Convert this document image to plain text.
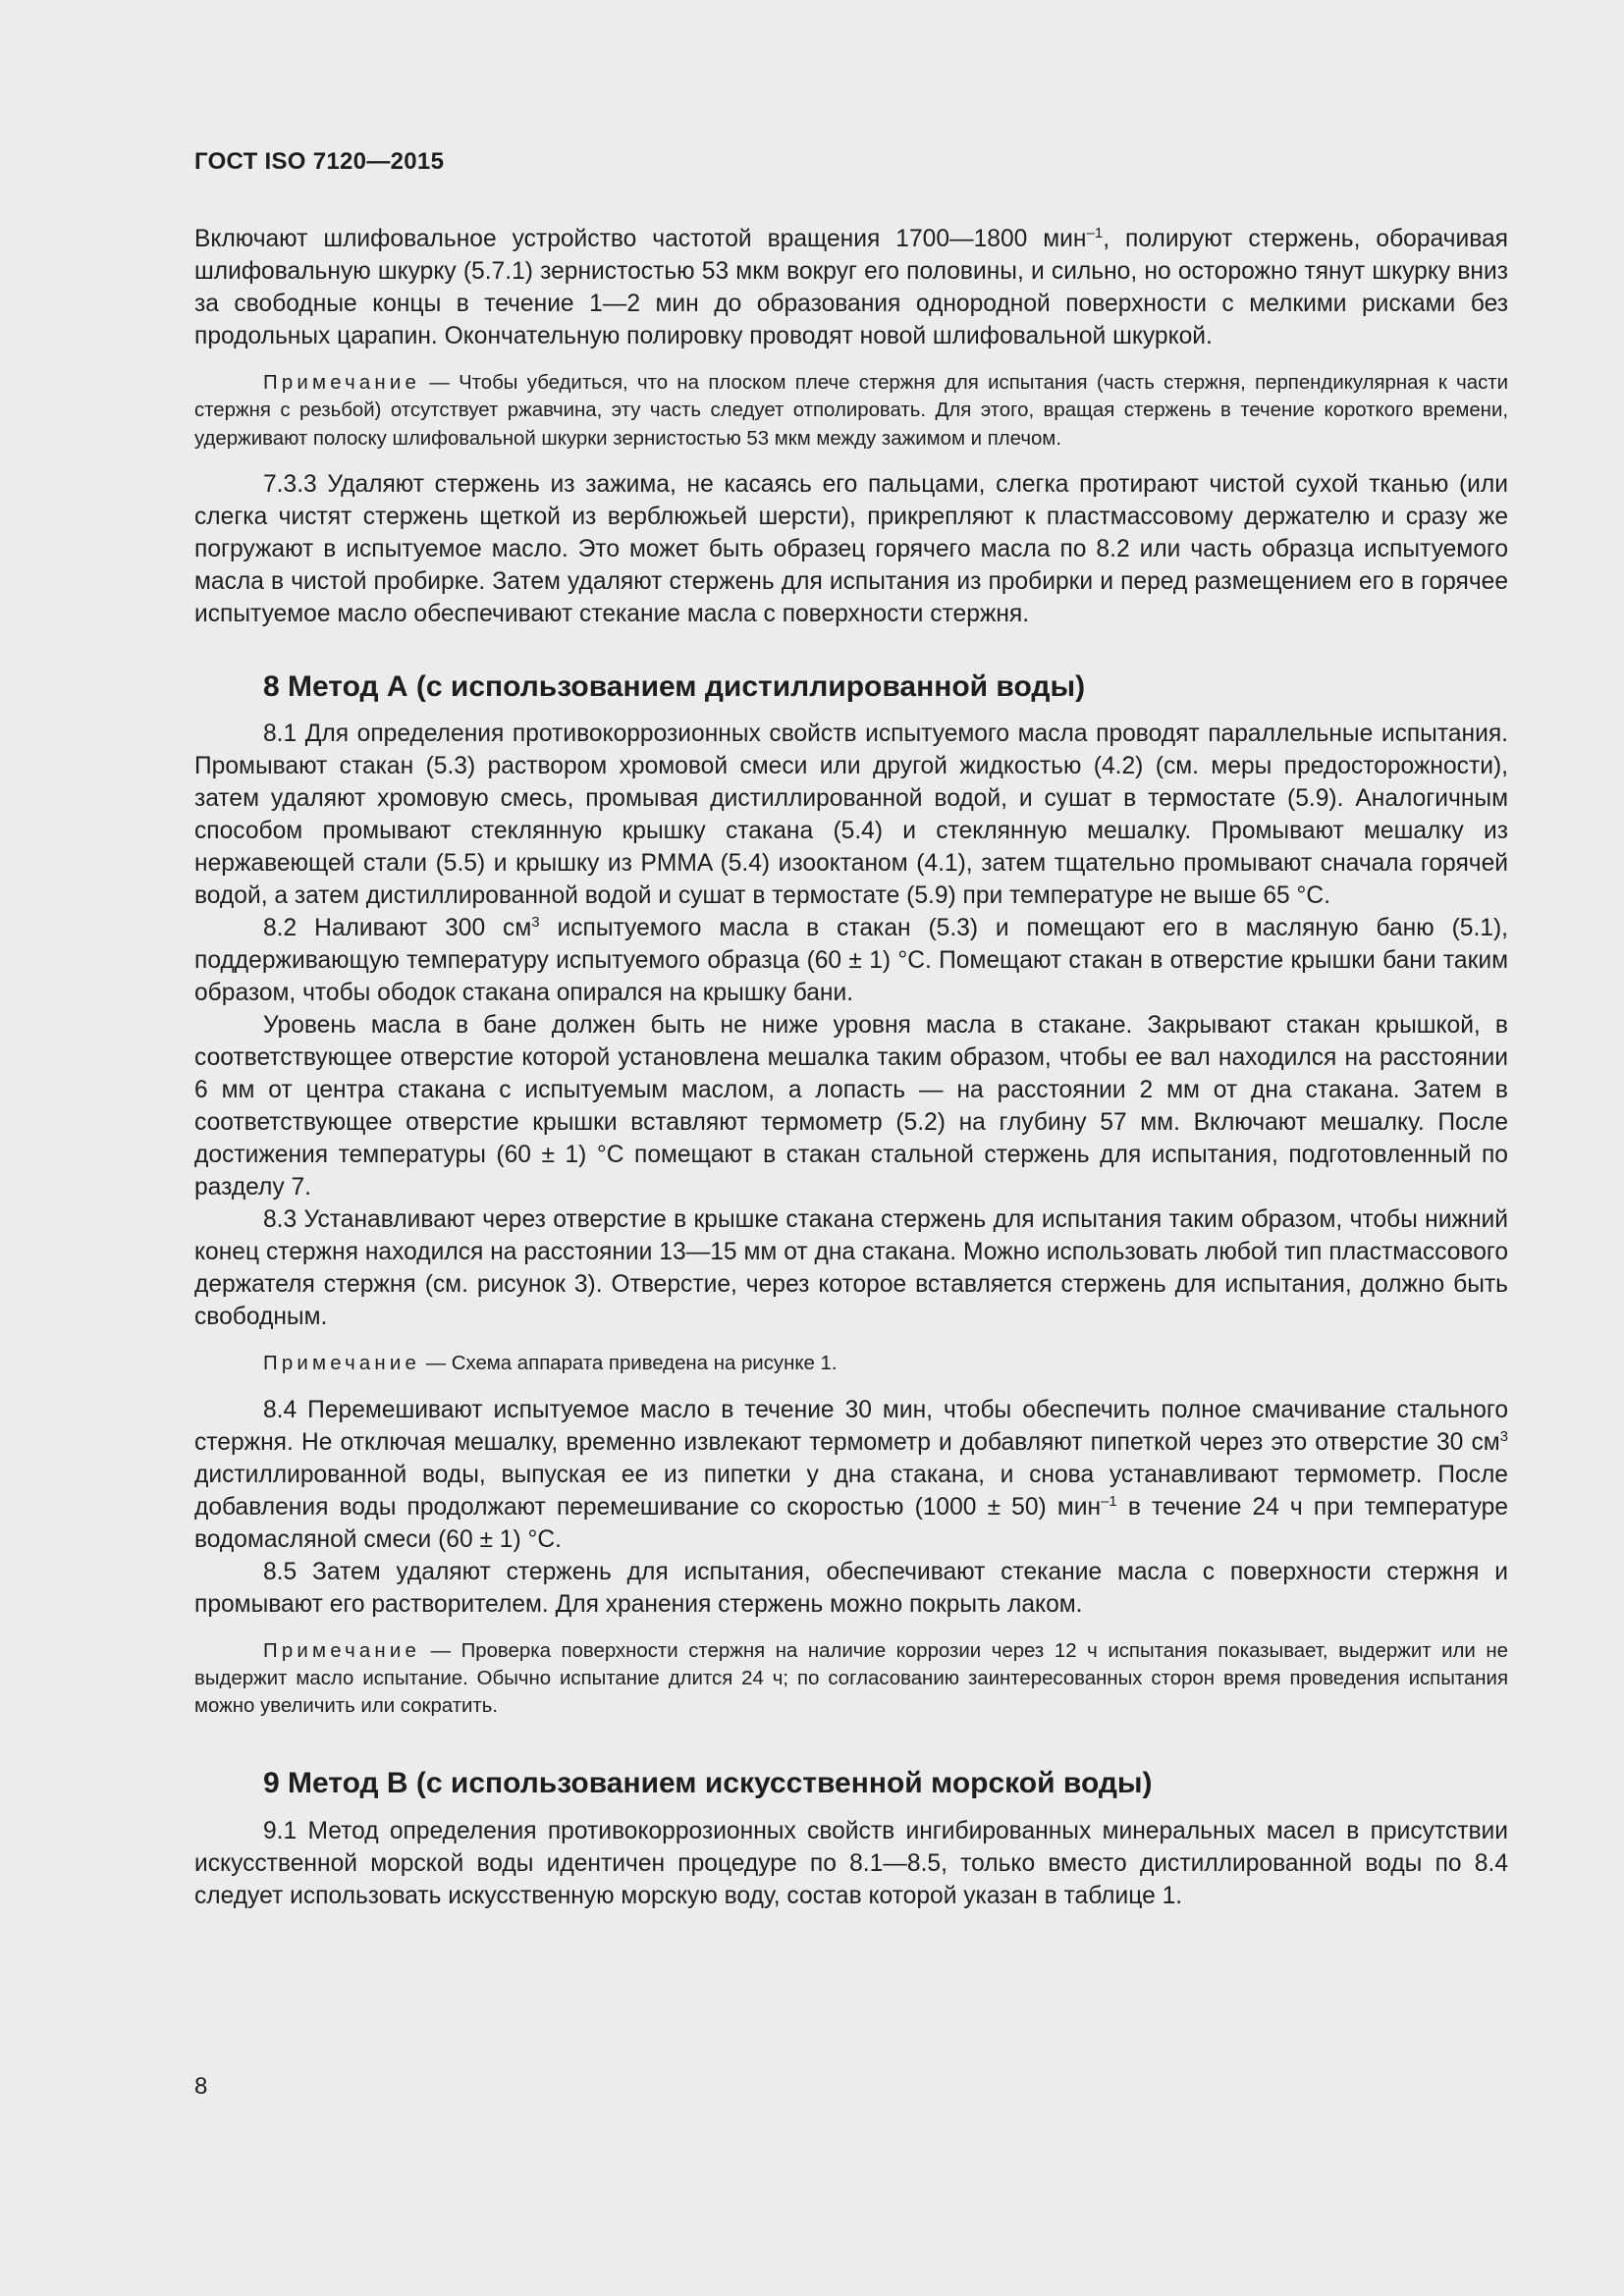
ГОСТ ISO 7120—2015

Включают шлифовальное устройство частотой вращения 1700—1800 мин$^{-1}$, полируют стержень, оборачивая шлифовальную шкурку (5.7.1) зернистостью 53 мкм вокруг его половины, и сильно, но осторожно тянут шкурку вниз за свободные концы в течение 1—2 мин до образования однородной поверхности с мелкими рисками без продольных царапин. Окончательную полировку проводят новой шлифовальной шкуркой.

Примечание — Чтобы убедиться, что на плоском плече стержня для испытания (часть стержня, перпендикулярная к части стержня с резьбой) отсутствует ржавчина, эту часть следует отполировать. Для этого, вращая стержень в течение короткого времени, удерживают полоску шлифовальной шкурки зернистостью 53 мкм между зажимом и плечом.

7.3.3 Удаляют стержень из зажима, не касаясь его пальцами, слегка протирают чистой сухой тканью (или слегка чистят стержень щеткой из верблюжьей шерсти), прикрепляют к пластмассовому держателю и сразу же погружают в испытуемое масло. Это может быть образец горячего масла по 8.2 или часть образца испытуемого масла в чистой пробирке. Затем удаляют стержень для испытания из пробирки и перед размещением его в горячее испытуемое масло обеспечивают стекание масла с поверхности стержня.

8 Метод А (с использованием дистиллированной воды)

8.1 Для определения противокоррозионных свойств испытуемого масла проводят параллельные испытания. Промывают стакан (5.3) раствором хромовой смеси или другой жидкостью (4.2) (см. меры предосторожности), затем удаляют хромовую смесь, промывая дистиллированной водой, и сушат в термостате (5.9). Аналогичным способом промывают стеклянную крышку стакана (5.4) и стеклянную мешалку. Промывают мешалку из нержавеющей стали (5.5) и крышку из PMMA (5.4) изооктаном (4.1), затем тщательно промывают сначала горячей водой, а затем дистиллированной водой и сушат в термостате (5.9) при температуре не выше 65 °С.

8.2 Наливают 300 $см^3$ испытуемого масла в стакан (5.3) и помещают его в масляную баню (5.1), поддерживающую температуру испытуемого образца (60 ± 1) °С. Помещают стакан в отверстие крышки бани таким образом, чтобы ободок стакана опирался на крышку бани.

Уровень масла в бане должен быть не ниже уровня масла в стакане. Закрывают стакан крышкой, в соответствующее отверстие которой установлена мешалка таким образом, чтобы ее вал находился на расстоянии 6 мм от центра стакана с испытуемым маслом, а лопасть — на расстоянии 2 мм от дна стакана. Затем в соответствующее отверстие крышки вставляют термометр (5.2) на глубину 57 мм. Включают мешалку. После достижения температуры (60 ± 1) °С помещают в стакан стальной стержень для испытания, подготовленный по разделу 7.

8.3 Устанавливают через отверстие в крышке стакана стержень для испытания таким образом, чтобы нижний конец стержня находился на расстоянии 13—15 мм от дна стакана. Можно использовать любой тип пластмассового держателя стержня (см. рисунок 3). Отверстие, через которое вставляется стержень для испытания, должно быть свободным.

Примечание — Схема аппарата приведена на рисунке 1.

8.4 Перемешивают испытуемое масло в течение 30 мин, чтобы обеспечить полное смачивание стального стержня. Не отключая мешалку, временно извлекают термометр и добавляют пипеткой через это отверстие 30 $см^3$ дистиллированной воды, выпуская ее из пипетки у дна стакана, и снова устанавливают термометр. После добавления воды продолжают перемешивание со скоростью (1000 ± 50) мин$^{-1}$ в течение 24 ч при температуре водомасляной смеси (60 ± 1) °С.

8.5 Затем удаляют стержень для испытания, обеспечивают стекание масла с поверхности стержня и промывают его растворителем. Для хранения стержень можно покрыть лаком.

Примечание — Проверка поверхности стержня на наличие коррозии через 12 ч испытания показывает, выдержит или не выдержит масло испытание. Обычно испытание длится 24 ч; по согласованию заинтересованных сторон время проведения испытания можно увеличить или сократить.

9 Метод В (с использованием искусственной морской воды)

9.1 Метод определения противокоррозионных свойств ингибированных минеральных масел в присутствии искусственной морской воды идентичен процедуре по 8.1—8.5, только вместо дистиллированной воды по 8.4 следует использовать искусственную морскую воду, состав которой указан в таблице 1.

8
